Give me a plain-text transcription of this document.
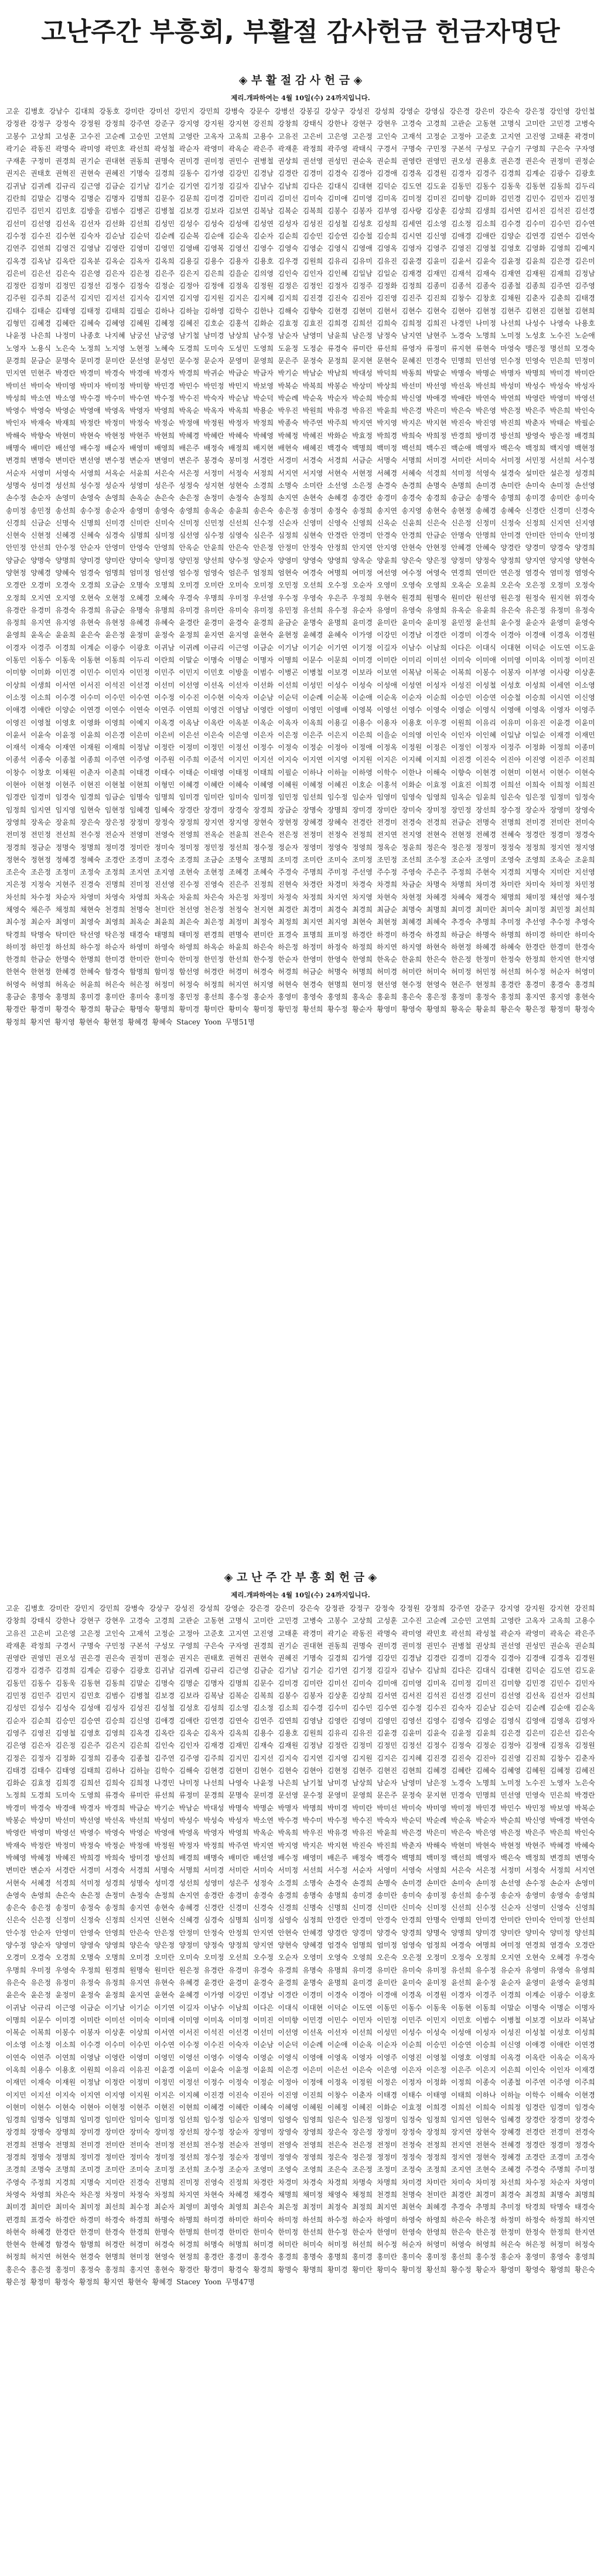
고난주간 부흥회, 부활절 감사헌금 헌금자명단
◈ 부 활 절 감 사 헌 금 ◈
제리.개파하여는 4월 10일(수) 24까지입니다.
고운 김병호 강남수 김대희 강동호 강미란 강미선 강민지 강민희 강병숙 강문수 강병선 강봉길 강상구 강성진 강성희 강영순 강영심 강은경 강은미 강은숙 강은정 강인영 강인철 강정관 강정구 강정숙 강정원 강정희 강주연 강준구 강지영 강지원 강지현 강진희 강창희 강태식 강한나 강현구 강현우 고경숙 고경희 고관순 고동현 고명식 고미란 고민경 고병숙 고봉수 고상희 고성훈 고수진 고순례 고승민 고연희 고영란 고옥자 고옥희 고용수 고유진 고은비 고은영 고은정 고인숙 고재석 고정순 고정아 고준호 고지연 고진영 고태훈 곽경미 곽기순 곽동진 곽명숙 곽미영 곽민호 곽선희 곽성철 곽순자 곽영미 곽옥순 곽은주 곽재훈 곽정희 곽주영 곽태식 구경서 구명숙 구민정 구본석 구성모 구슬기 구영희 구은숙 구자영 구재훈 구정미 권경희 권기순 권대현 권동희 권명숙 권미경 권미정 권민수 권병철 권상희 권선영 권성민 권순옥 권순희 권영란 권영민 권오성 권용호 권은경 권은숙 권정미 권정순 권지은 권태호 권혁진 권현숙 권혜진 기명숙 길경희 길동수 김가영 김강민 김경남 김경란 김경미 김경숙 김경아 김경애 김경옥 김경원 김경자 김경주 김경희 김계순 김광수 김광호 김귀남 김귀례 김규리 김근영 김금순 김기남 김기순 김기연 김기정 김길자 김남수 김남희 김다은 김대식 김대현 김덕순 김도연 김도윤 김동민 김동수 김동욱 김동현 김동희 김두리 김란희 김말순 김명숙 김명순 김명자 김명희 김문수 김문희 김미경 김미란 김미리 김미선 김미숙 김미애 김미영 김미옥 김미정 김미진 김미향 김미화 김민경 김민수 김민자 김민정 김민주 김민지 김민호 김방울 김범수 김병곤 김병철 김보경 김보라 김보연 김복남 김복순 김복희 김봉수 김봉자 김부영 김사랑 김상훈 김상희 김생희 김서연 김서진 김석진 김선경 김선미 김선영 김선옥 김선자 김선화 김선희 김성민 김성수 김성숙 김성애 김성연 김성자 김성진 김성철 김성호 김성희 김세연 김소영 김소정 김소희 김수경 김수미 김수민 김수연 김수정 김수진 김수현 김숙자 김순남 김순덕 김순례 김순복 김순애 김순옥 김순자 김순희 김승민 김승연 김승철 김승희 김시연 김신영 김애경 김애란 김양순 김연경 김연수 김연숙 김연주 김연희 김영건 김영남 김영란 김영미 김영민 김영배 김영복 김영선 김영수 김영숙 김영순 김영식 김영애 김영옥 김영자 김영주 김영진 김영철 김영호 김영화 김영희 김예지 김옥경 김옥남 김옥란 김옥분 김옥순 김옥자 김옥희 김용길 김용수 김용자 김용호 김우경 김원희 김유리 김유미 김유진 김윤경 김윤미 김윤서 김윤숙 김윤정 김윤희 김은경 김은미 김은비 김은선 김은숙 김은영 김은자 김은정 김은주 김은지 김은희 김을순 김의영 김인숙 김인자 김인혜 김일남 김일순 김재경 김재민 김재석 김재숙 김재연 김재원 김재희 김정남 김정란 김정미 김정민 김정선 김정수 김정숙 김정순 김정아 김정애 김정옥 김정원 김정은 김정인 김정자 김정주 김정화 김정희 김종미 김종석 김종숙 김종철 김종희 김주연 김주영 김주원 김주희 김준석 김지민 김지선 김지숙 김지연 김지영 김지원 김지은 김지혜 김지희 김진경 김진숙 김진아 김진영 김진주 김진희 김창수 김창호 김채원 김춘자 김춘희 김태경 김태수 김태순 김태영 김태정 김태희 김필순 김하나 김하늘 김하영 김학수 김한나 김해숙 김향숙 김현경 김현미 김현서 김현수 김현숙 김현아 김현정 김현주 김현진 김현철 김현희 김형민 김혜경 김혜란 김혜숙 김혜영 김혜원 김혜정 김혜진 김호순 김홍석 김화순 김효정 김효진 김희경 김희선 김희숙 김희정 김희진 나경민 나미정 나선희 나성수 나영숙 나용호 나윤정 나은희 나정미 나종호 나지혜 남궁선 남궁영 남기철 남미경 남상희 남수정 남순자 남영미 남윤희 남은정 남정숙 남지연 남현주 노경숙 노명희 노미정 노성호 노수진 노순애 노영자 노용식 노은숙 노정희 노지영 노현정 노혜숙 도경희 도미숙 도성민 도영희 도윤정 도정순 류경숙 류미란 류선희 류영자 류정미 류지현 류현숙 마영숙 맹은정 명선희 모경숙 문경희 문금순 문명숙 문미경 문미란 문선영 문성민 문수정 문순자 문영미 문영희 문은주 문정숙 문정희 문지현 문현숙 문혜진 민경숙 민명희 민선영 민수정 민영숙 민은희 민정미 민지연 민현주 박경란 박경미 박경숙 박경애 박경자 박경희 박귀순 박금순 박금자 박기순 박남순 박남희 박대성 박덕희 박동희 박말순 박명숙 박명순 박명자 박명희 박미경 박미란 박미선 박미숙 박미영 박미자 박미정 박미향 박민경 박민수 박민정 박민지 박보영 박복순 박복희 박봉순 박상미 박상희 박선미 박선영 박선옥 박선희 박성미 박성수 박성숙 박성자 박성희 박소연 박소영 박수경 박수미 박수연 박수정 박수진 박숙자 박순남 박순덕 박순례 박순옥 박순자 박순희 박승희 박신영 박애경 박애란 박연숙 박연희 박영란 박영미 박영선 박영수 박영숙 박영순 박영애 박영옥 박영자 박영희 박옥순 박옥자 박옥희 박용순 박우진 박원희 박유경 박유진 박윤희 박은경 박은미 박은숙 박은영 박은정 박은주 박은희 박인숙 박인자 박재숙 박재희 박정란 박정미 박정숙 박정순 박정애 박정원 박정자 박정희 박종숙 박주연 박주희 박지연 박지영 박지은 박지현 박진숙 박진영 박진희 박춘자 박태순 박필순 박해숙 박향숙 박현미 박현숙 박현정 박현주 박현희 박혜경 박혜란 박혜숙 박혜영 박혜정 박혜진 박화순 박효정 박희경 박희숙 박희정 반경희 방미경 방선희 방영숙 방은정 배경희 배명숙 배미란 배선영 배수정 배순자 배영미 배영희 배은주 배정숙 배정희 배지현 배현숙 배혜진 백경숙 백명희 백미정 백선희 백수진 백순애 백영자 백은숙 백정희 백지영 백현정 변경희 변명숙 변미란 변선영 변수정 변순자 변영미 변은주 봉경숙 봉미정 서경란 서경미 서경숙 서경희 서금순 서명숙 서명희 서미경 서미란 서미숙 서미정 서민정 서선희 서수정 서순자 서영미 서영숙 서영희 서옥순 서윤희 서은숙 서은정 서정미 서정숙 서정희 서지연 서지영 서현숙 서현정 서혜경 서혜숙 석경희 석미정 석영숙 설경숙 설미란 설은정 성경희 성명숙 성미경 성선희 성수정 성순자 성영미 성은주 성정숙 성지현 성현숙 소경희 소명숙 소미란 소선영 소은정 손경숙 손경희 손명숙 손명희 손미경 손미란 손미숙 손미정 손선영 손수정 손순자 손영미 손영숙 손영희 손옥순 손은숙 손은정 손정미 손정숙 손정희 손지연 손현숙 손혜경 송경란 송경미 송경숙 송경희 송금순 송명숙 송명희 송미경 송미란 송미숙 송미정 송민정 송선희 송수정 송순자 송영미 송영숙 송영희 송옥순 송윤희 송은숙 송은정 송정미 송정숙 송정희 송지연 송지영 송현숙 송현정 송혜경 송혜숙 신경란 신경미 신경숙 신경희 신금순 신명숙 신명희 신미경 신미란 신미숙 신미정 신민정 신선희 신수정 신순자 신영미 신영숙 신영희 신옥순 신윤희 신은숙 신은정 신정미 신정숙 신정희 신지연 신지영 신현숙 신현정 신혜경 신혜숙 심경숙 심명희 심미정 심선영 심수정 심영숙 심은주 심정희 심현숙 안경란 안경미 안경숙 안경희 안금순 안명숙 안명희 안미경 안미란 안미숙 안미정 안민정 안선희 안수정 안순자 안영미 안영숙 안영희 안옥순 안윤희 안은숙 안은정 안정미 안정숙 안정희 안지연 안지영 안현숙 안현정 안혜경 안혜숙 양경란 양경미 양경숙 양경희 양금순 양명숙 양명희 양미경 양미란 양미숙 양미정 양민정 양선희 양수정 양순자 양영미 양영숙 양영희 양옥순 양윤희 양은숙 양은정 양정미 양정숙 양정희 양지연 양지영 양현숙 양현정 양혜경 양혜숙 엄경숙 엄명희 엄미정 엄선영 엄수정 엄영숙 엄은주 엄정희 엄현숙 여경숙 여명희 여미정 여선영 여수정 여영숙 연경희 연미란 연은정 염경숙 염미정 염영숙 오경란 오경미 오경숙 오경희 오금순 오명숙 오명희 오미경 오미란 오미숙 오미정 오민정 오선희 오수정 오순자 오영미 오영숙 오영희 오옥순 오윤희 오은숙 오은정 오정미 오정숙 오정희 오지연 오지영 오현숙 오현정 오혜경 오혜숙 우경숙 우명희 우미정 우선영 우수정 우영숙 우은주 우정희 우현숙 원경희 원명숙 원미란 원선영 원은정 원정숙 원지현 위경숙 유경란 유경미 유경숙 유경희 유금순 유명숙 유명희 유미경 유미란 유미숙 유미정 유민정 유선희 유수정 유순자 유영미 유영숙 유영희 유옥순 유윤희 유은숙 유은정 유정미 유정숙 유정희 유지연 유지영 유현숙 유현정 유혜경 유혜숙 윤경란 윤경미 윤경숙 윤경희 윤금순 윤명숙 윤명희 윤미경 윤미란 윤미숙 윤미정 윤민정 윤선희 윤수정 윤순자 윤영미 윤영숙 윤영희 윤옥순 윤윤희 윤은숙 윤은정 윤정미 윤정숙 윤정희 윤지연 윤지영 윤현숙 윤현정 윤혜경 윤혜숙 이가영 이강민 이경남 이경란 이경미 이경숙 이경아 이경애 이경옥 이경원 이경자 이경주 이경희 이계순 이광수 이광호 이귀남 이귀례 이규리 이근영 이금순 이기남 이기순 이기연 이기정 이길자 이남수 이남희 이다은 이대식 이대현 이덕순 이도연 이도윤 이동민 이동수 이동욱 이동현 이동희 이두리 이란희 이말순 이명숙 이명순 이명자 이명희 이문수 이문희 이미경 이미란 이미리 이미선 이미숙 이미애 이미영 이미옥 이미정 이미진 이미향 이미화 이민경 이민수 이민자 이민정 이민주 이민지 이민호 이방울 이범수 이병곤 이병철 이보경 이보라 이보연 이복남 이복순 이복희 이봉수 이봉자 이부영 이사랑 이상훈 이상희 이생희 이서연 이서진 이석진 이선경 이선미 이선영 이선옥 이선자 이선화 이선희 이성민 이성수 이성숙 이성애 이성연 이성자 이성진 이성철 이성호 이성희 이세연 이소영 이소정 이소희 이수경 이수미 이수민 이수연 이수정 이수진 이수현 이숙자 이순남 이순덕 이순례 이순복 이순애 이순옥 이순자 이순희 이승민 이승연 이승철 이승희 이시연 이신영 이애경 이애란 이양순 이연경 이연수 이연숙 이연주 이연희 이영건 이영남 이영란 이영미 이영민 이영배 이영복 이영선 이영수 이영숙 이영순 이영식 이영애 이영옥 이영자 이영주 이영진 이영철 이영호 이영화 이영희 이예지 이옥경 이옥남 이옥란 이옥분 이옥순 이옥자 이옥희 이용길 이용수 이용자 이용호 이우경 이원희 이유리 이유미 이유진 이윤경 이윤미 이윤서 이윤숙 이윤정 이윤희 이은경 이은미 이은비 이은선 이은숙 이은영 이은자 이은정 이은주 이은지 이은희 이을순 이의영 이인숙 이인자 이인혜 이일남 이일순 이재경 이재민 이재석 이재숙 이재연 이재원 이재희 이정남 이정란 이정미 이정민 이정선 이정수 이정숙 이정순 이정아 이정애 이정옥 이정원 이정은 이정인 이정자 이정주 이정화 이정희 이종미 이종석 이종숙 이종철 이종희 이주연 이주영 이주원 이주희 이준석 이지민 이지선 이지숙 이지연 이지영 이지원 이지은 이지혜 이지희 이진경 이진숙 이진아 이진영 이진주 이진희 이창수 이창호 이채원 이춘자 이춘희 이태경 이태수 이태순 이태영 이태정 이태희 이필순 이하나 이하늘 이하영 이학수 이한나 이해숙 이향숙 이현경 이현미 이현서 이현수 이현숙 이현아 이현정 이현주 이현진 이현철 이현희 이형민 이혜경 이혜란 이혜숙 이혜영 이혜원 이혜정 이혜진 이호순 이홍석 이화순 이효정 이효진 이희경 이희선 이희숙 이희정 이희진 임경란 임경미 임경숙 임경희 임금순 임명숙 임명희 임미경 임미란 임미숙 임미정 임민정 임선희 임수정 임순자 임영미 임영숙 임영희 임옥순 임윤희 임은숙 임은정 임정미 임정숙 임정희 임지연 임지영 임현숙 임현정 임혜경 임혜숙 장경란 장경미 장경숙 장경희 장금순 장명숙 장명희 장미경 장미란 장미숙 장미정 장민정 장선희 장수정 장순자 장영미 장영숙 장영희 장옥순 장윤희 장은숙 장은정 장정미 장정숙 장정희 장지연 장지영 장현숙 장현정 장혜경 장혜숙 전경란 전경미 전경숙 전경희 전금순 전명숙 전명희 전미경 전미란 전미숙 전미정 전민정 전선희 전수정 전순자 전영미 전영숙 전영희 전옥순 전윤희 전은숙 전은정 전정미 전정숙 전정희 전지연 전지영 전현숙 전현정 전혜경 전혜숙 정경란 정경미 정경숙 정경희 정금순 정명숙 정명희 정미경 정미란 정미숙 정미정 정민정 정선희 정수정 정순자 정영미 정영숙 정영희 정옥순 정윤희 정은숙 정은정 정정미 정정숙 정정희 정지연 정지영 정현숙 정현정 정혜경 정혜숙 조경란 조경미 조경숙 조경희 조금순 조명숙 조명희 조미경 조미란 조미숙 조미정 조민정 조선희 조수정 조순자 조영미 조영숙 조영희 조옥순 조윤희 조은숙 조은정 조정미 조정숙 조정희 조지연 조지영 조현숙 조현정 조혜경 조혜숙 주경숙 주명희 주미정 주선영 주수정 주영숙 주은주 주정희 주현숙 지경희 지명숙 지미란 지선영 지은정 지정숙 지현주 진경숙 진명희 진미정 진선영 진수정 진영숙 진은주 진정희 진현숙 차경란 차경미 차경숙 차경희 차금순 차명숙 차명희 차미경 차미란 차미숙 차미정 차민정 차선희 차수정 차순자 차영미 차영숙 차영희 차옥순 차윤희 차은숙 차은정 차정미 차정숙 차정희 차지연 차지영 차현숙 차현정 차혜경 차혜숙 채경숙 채명희 채미정 채선영 채수정 채영숙 채은주 채정희 채현숙 천경희 천명숙 천미란 천선영 천은정 천정숙 천지현 최경란 최경미 최경숙 최경희 최금순 최명숙 최명희 최미경 최미란 최미숙 최미정 최민정 최선희 최수정 최순자 최영미 최영숙 최영희 최옥순 최윤희 최은숙 최은정 최정미 최정숙 최정희 최지연 최지영 최현숙 최현정 최혜경 최혜숙 추경숙 추명희 추미정 추선영 추수정 추영숙 탁경희 탁명숙 탁미란 탁선영 탁은정 태경숙 태명희 태미정 편경희 편명숙 편미란 표경숙 표명희 표미정 하경란 하경미 하경숙 하경희 하금순 하명숙 하명희 하미경 하미란 하미숙 하미정 하민정 하선희 하수정 하순자 하영미 하영숙 하영희 하옥순 하윤희 하은숙 하은정 하정미 하정숙 하정희 하지연 하지영 하현숙 하현정 하혜경 하혜숙 한경란 한경미 한경숙 한경희 한금순 한명숙 한명희 한미경 한미란 한미숙 한미정 한민정 한선희 한수정 한순자 한영미 한영숙 한영희 한옥순 한윤희 한은숙 한은정 한정미 한정숙 한정희 한지연 한지영 한현숙 한현정 한혜경 한혜숙 함경숙 함명희 함미정 함선영 허경란 허경미 허경숙 허경희 허금순 허명숙 허명희 허미경 허미란 허미숙 허미정 허민정 허선희 허수정 허순자 허영미 허영숙 허영희 허옥순 허윤희 허은숙 허은정 허정미 허정숙 허정희 허지연 허지영 허현숙 현경숙 현명희 현미정 현선영 현수정 현영숙 현은주 현정희 홍경란 홍경미 홍경숙 홍경희 홍금순 홍명숙 홍명희 홍미경 홍미란 홍미숙 홍미정 홍민정 홍선희 홍수정 홍순자 홍영미 홍영숙 홍영희 홍옥순 홍윤희 홍은숙 홍은정 홍정미 홍정숙 홍정희 홍지연 홍지영 홍현숙 황경란 황경미 황경숙 황경희 황금순 황명숙 황명희 황미경 황미란 황미숙 황미정 황민정 황선희 황수정 황순자 황영미 황영숙 황영희 황옥순 황윤희 황은숙 황은정 황정미 황정숙 황정희 황지연 황지영 황현숙 황현정 황혜경 황혜숙 Stacey Yoon 무명51명
◈ 고 난 주 간 부 흥 회 헌 금 ◈
제리.개파하여는 4월 10일(수) 24까지입니다.
고운 김병호 강미란 강민지 강민희 강병숙 강상구 강성진 강성희 강영순 강은경 강은미 강은숙 강정관 강정구 강정숙 강정원 강정희 강주연 강준구 강지영 강지원 강지현 강진희 강창희 강태식 강한나 강현구 강현우 고경숙 고경희 고관순 고동현 고명식 고미란 고민경 고병숙 고봉수 고상희 고성훈 고수진 고순례 고승민 고연희 고영란 고옥자 고옥희 고용수 고유진 고은비 고은영 고은정 고인숙 고재석 고정순 고정아 고준호 고지연 고진영 고태훈 곽경미 곽기순 곽동진 곽명숙 곽미영 곽민호 곽선희 곽성철 곽순자 곽영미 곽옥순 곽은주 곽재훈 곽정희 구경서 구명숙 구민정 구본석 구성모 구영희 구은숙 구자영 권경희 권기순 권대현 권동희 권명숙 권미경 권미정 권민수 권병철 권상희 권선영 권성민 권순옥 권순희 권영란 권영민 권오성 권은경 권은숙 권정미 권정순 권지은 권태호 권혁진 권현숙 권혜진 기명숙 길경희 김가영 김강민 김경남 김경란 김경미 김경숙 김경아 김경애 김경옥 김경원 김경자 김경주 김경희 김계순 김광수 김광호 김귀남 김귀례 김규리 김근영 김금순 김기남 김기순 김기연 김기정 김길자 김남수 김남희 김다은 김대식 김대현 김덕순 김도연 김도윤 김동민 김동수 김동욱 김동현 김동희 김말순 김명숙 김명순 김명자 김명희 김문수 김미경 김미란 김미선 김미숙 김미애 김미영 김미옥 김미정 김미진 김미향 김민경 김민수 김민자 김민정 김민주 김민지 김민호 김범수 김병철 김보경 김보라 김복남 김복순 김복희 김봉수 김봉자 김상훈 김상희 김서연 김서진 김석진 김선경 김선미 김선영 김선옥 김선자 김선희 김성민 김성수 김성숙 김성애 김성자 김성진 김성철 김성호 김성희 김소영 김소정 김소희 김수경 김수미 김수민 김수연 김수정 김수진 김숙자 김순남 김순덕 김순례 김순애 김순옥 김순자 김순희 김승민 김승연 김승희 김신영 김애경 김애란 김연경 김연숙 김연주 김연희 김영남 김영란 김영미 김영민 김영선 김영수 김영숙 김영순 김영식 김영애 김영옥 김영자 김영주 김영진 김영철 김영호 김영희 김옥경 김옥란 김옥순 김옥자 김옥희 김용수 김용호 김원희 김유리 김유진 김윤경 김윤미 김윤숙 김윤정 김윤희 김은경 김은미 김은선 김은숙 김은영 김은자 김은정 김은주 김은지 김은희 김인숙 김인자 김재경 김재민 김재숙 김재원 김정남 김정란 김정미 김정민 김정선 김정수 김정숙 김정순 김정아 김정애 김정옥 김정원 김정은 김정자 김정화 김정희 김종숙 김종철 김주연 김주영 김주희 김지민 김지선 김지숙 김지연 김지영 김지원 김지은 김지혜 김진경 김진숙 김진아 김진영 김진희 김창수 김춘자 김태경 김태수 김태영 김태희 김하나 김하늘 김학수 김해숙 김현경 김현미 김현수 김현숙 김현아 김현정 김현주 김현진 김현희 김혜경 김혜란 김혜숙 김혜영 김혜원 김혜정 김혜진 김화순 김효정 김희경 김희선 김희숙 김희정 나경민 나미정 나선희 나영숙 나윤정 나은희 남기철 남미경 남상희 남순자 남영미 남은정 노경숙 노명희 노미정 노수진 노영자 노은숙 노정희 도경희 도미숙 도영희 류경숙 류미란 류선희 류정미 문경희 문명숙 문미경 문선영 문수정 문영미 문영희 문은주 문정숙 문지현 민경숙 민명희 민선영 민영숙 민은희 박경란 박경미 박경숙 박경애 박경자 박경희 박금순 박기순 박남순 박대성 박명숙 박명순 박명자 박명희 박미경 박미란 박미선 박미숙 박미영 박미정 박민경 박민수 박민정 박보영 박복순 박봉순 박상미 박선미 박선영 박선옥 박선희 박성미 박성수 박성숙 박성자 박소연 박수경 박수미 박수정 박수진 박숙자 박순덕 박순례 박순옥 박순자 박순희 박신영 박애경 박연숙 박영란 박영미 박영선 박영수 박영숙 박영순 박영애 박영옥 박영자 박영희 박옥순 박옥희 박우진 박유경 박유진 박윤희 박은경 박은미 박은숙 박은영 박은정 박은주 박은희 박인숙 박재숙 박정란 박정미 박정숙 박정순 박정애 박정원 박정자 박정희 박주연 박지연 박지영 박지은 박지현 박진숙 박진희 박춘자 박해숙 박현미 박현숙 박현정 박현주 박혜경 박혜숙 박혜영 박혜정 박혜진 박희경 박희숙 방미경 방선희 배경희 배명숙 배미란 배선영 배수정 배영미 배은주 배정숙 백경숙 백명희 백미정 백선희 백영자 백은숙 백정희 변경희 변명숙 변미란 변순자 서경란 서경미 서경숙 서경희 서명숙 서명희 서미경 서미란 서미숙 서미정 서선희 서수정 서순자 서영미 서영숙 서영희 서은숙 서은정 서정미 서정숙 서정희 서지연 서현숙 서혜경 석경희 석미정 성경희 성명숙 성미경 성선희 성영미 성은주 성정숙 소경희 소명숙 손경숙 손경희 손명숙 손미경 손미란 손미숙 손미정 손선영 손수정 손순자 손영미 손영숙 손영희 손은숙 손은정 손정미 손정숙 손정희 손지연 송경란 송경미 송경숙 송경희 송명숙 송명희 송미경 송미란 송미숙 송미정 송선희 송수정 송순자 송영미 송영숙 송영희 송은숙 송은정 송정미 송정숙 송정희 송지연 송현숙 송혜경 신경란 신경미 신경숙 신경희 신명숙 신명희 신미경 신미란 신미숙 신미정 신선희 신수정 신순자 신영미 신영숙 신영희 신은숙 신은정 신정미 신정숙 신정희 신지연 신현숙 신혜경 심경숙 심명희 심미정 심영숙 심정희 안경란 안경미 안경숙 안경희 안명숙 안명희 안미경 안미란 안미숙 안미정 안선희 안수정 안순자 안영미 안영숙 안영희 안은숙 안은정 안정미 안정숙 안정희 안지연 안현숙 안혜경 양경란 양경미 양경숙 양경희 양명숙 양명희 양미경 양미란 양미숙 양미정 양선희 양수정 양순자 양영미 양영숙 양영희 양은숙 양은정 양정미 양정숙 양정희 양지연 양현숙 양혜경 엄경숙 엄명희 엄미정 엄영숙 엄정희 여경숙 여명희 여미정 연경희 염경숙 오경란 오경미 오경숙 오경희 오명숙 오명희 오미경 오미란 오미숙 오미정 오선희 오수정 오순자 오영미 오영숙 오영희 오은숙 오은정 오정미 오정숙 오정희 오지연 오현숙 오혜경 우경숙 우명희 우미정 우영숙 우정희 원경희 원명숙 원미란 원은정 유경란 유경미 유경숙 유경희 유명숙 유명희 유미경 유미란 유미숙 유미정 유선희 유수정 유순자 유영미 유영숙 유영희 유은숙 유은정 유정미 유정숙 유정희 유지연 유현숙 유혜경 윤경란 윤경미 윤경숙 윤경희 윤명숙 윤명희 윤미경 윤미란 윤미숙 윤미정 윤선희 윤수정 윤순자 윤영미 윤영숙 윤영희 윤은숙 윤은정 윤정미 윤정숙 윤정희 윤지연 윤현숙 윤혜경 이가영 이강민 이경남 이경란 이경미 이경숙 이경아 이경애 이경옥 이경원 이경자 이경주 이경희 이계순 이광수 이광호 이귀남 이규리 이근영 이금순 이기남 이기순 이기연 이길자 이남수 이남희 이다은 이대식 이대현 이덕순 이도연 이동민 이동수 이동욱 이동현 이동희 이말순 이명숙 이명순 이명자 이명희 이문수 이미경 이미란 이미선 이미숙 이미애 이미영 이미옥 이미정 이미진 이미향 이민경 이민수 이민자 이민정 이민주 이민지 이민호 이범수 이병철 이보경 이보라 이복남 이복순 이복희 이봉수 이봉자 이상훈 이상희 이서연 이서진 이석진 이선경 이선미 이선영 이선옥 이선자 이선희 이성민 이성수 이성숙 이성애 이성자 이성진 이성철 이성호 이성희 이소영 이소정 이소희 이수경 이수미 이수민 이수연 이수정 이수진 이숙자 이순남 이순덕 이순례 이순애 이순옥 이순자 이순희 이승민 이승연 이승희 이신영 이애경 이애란 이연경 이연숙 이연주 이연희 이영남 이영란 이영미 이영민 이영선 이영수 이영숙 이영순 이영식 이영애 이영옥 이영자 이영주 이영진 이영철 이영호 이영희 이옥경 이옥란 이옥순 이옥자 이옥희 이용수 이용호 이원희 이유리 이유진 이윤경 이윤미 이윤숙 이윤정 이윤희 이은경 이은미 이은선 이은숙 이은영 이은자 이은정 이은주 이은지 이은희 이인숙 이인자 이재경 이재민 이재숙 이재원 이정남 이정란 이정미 이정민 이정선 이정수 이정숙 이정순 이정아 이정애 이정옥 이정원 이정은 이정자 이정화 이정희 이종숙 이종철 이주연 이주영 이주희 이지민 이지선 이지숙 이지연 이지영 이지원 이지은 이지혜 이진경 이진숙 이진아 이진영 이진희 이창수 이춘자 이태경 이태수 이태영 이태희 이하나 이하늘 이학수 이해숙 이현경 이현미 이현수 이현숙 이현아 이현정 이현주 이현진 이현희 이혜경 이혜란 이혜숙 이혜영 이혜원 이혜정 이혜진 이화순 이효정 이희경 이희선 이희숙 이희정 임경란 임경미 임경숙 임경희 임명숙 임명희 임미경 임미란 임미숙 임미정 임선희 임수정 임순자 임영미 임영숙 임영희 임은숙 임은정 임정미 임정숙 임정희 임지연 임현숙 임혜경 장경란 장경미 장경숙 장경희 장명숙 장명희 장미경 장미란 장미숙 장미정 장선희 장수정 장순자 장영미 장영숙 장영희 장은숙 장은정 장정미 장정숙 장정희 장지연 장현숙 장혜경 전경란 전경미 전경숙 전경희 전명숙 전명희 전미경 전미란 전미숙 전미정 전선희 전수정 전순자 전영미 전영숙 전영희 전은숙 전은정 전정미 전정숙 전정희 전지연 전현숙 전혜경 정경란 정경미 정경숙 정경희 정명숙 정명희 정미경 정미란 정미숙 정미정 정선희 정수정 정순자 정영미 정영숙 정영희 정은숙 정은정 정정미 정정숙 정정희 정지연 정현숙 정혜경 조경란 조경미 조경숙 조경희 조명숙 조명희 조미경 조미란 조미숙 조미정 조선희 조수정 조순자 조영미 조영숙 조영희 조은숙 조은정 조정미 조정숙 조정희 조지연 조현숙 조혜경 주경숙 주명희 주미정 주영숙 주정희 지경희 지명숙 지미란 진경숙 진명희 진미정 진영숙 진정희 차경란 차경미 차경숙 차경희 차명숙 차명희 차미경 차미란 차미숙 차미정 차선희 차수정 차순자 차영미 차영숙 차영희 차은숙 차은정 차정미 차정숙 차정희 차지연 차현숙 차혜경 채경숙 채명희 채미정 채영숙 채정희 천경희 천명숙 천미란 최경란 최경미 최경숙 최경희 최명숙 최명희 최미경 최미란 최미숙 최미정 최선희 최수정 최순자 최영미 최영숙 최영희 최은숙 최은정 최정미 최정숙 최정희 최지연 최현숙 최혜경 추경숙 추명희 추미정 탁경희 탁명숙 태경숙 편경희 표경숙 하경란 하경미 하경숙 하경희 하명숙 하명희 하미경 하미란 하미숙 하미정 하선희 하수정 하순자 하영미 하영숙 하영희 하은숙 하은정 하정미 하정숙 하정희 하지연 하현숙 하혜경 한경란 한경미 한경숙 한경희 한명숙 한명희 한미경 한미란 한미숙 한미정 한선희 한수정 한순자 한영미 한영숙 한영희 한은숙 한은정 한정미 한정숙 한정희 한지연 한현숙 한혜경 함경숙 함명희 허경란 허경미 허경숙 허경희 허명숙 허명희 허미경 허미란 허미숙 허미정 허선희 허수정 허순자 허영미 허영숙 허영희 허은숙 허은정 허정미 허정숙 허정희 허지연 허현숙 현경숙 현명희 현미정 현영숙 현정희 홍경란 홍경미 홍경숙 홍경희 홍명숙 홍명희 홍미경 홍미란 홍미숙 홍미정 홍선희 홍수정 홍순자 홍영미 홍영숙 홍영희 홍은숙 홍은정 홍정미 홍정숙 홍정희 홍지연 홍현숙 황경란 황경미 황경숙 황경희 황명숙 황명희 황미경 황미란 황미숙 황미정 황선희 황수정 황순자 황영미 황영숙 황영희 황은숙 황은정 황정미 황정숙 황정희 황지연 황현숙 황혜경 Stacey Yoon 무명47명
